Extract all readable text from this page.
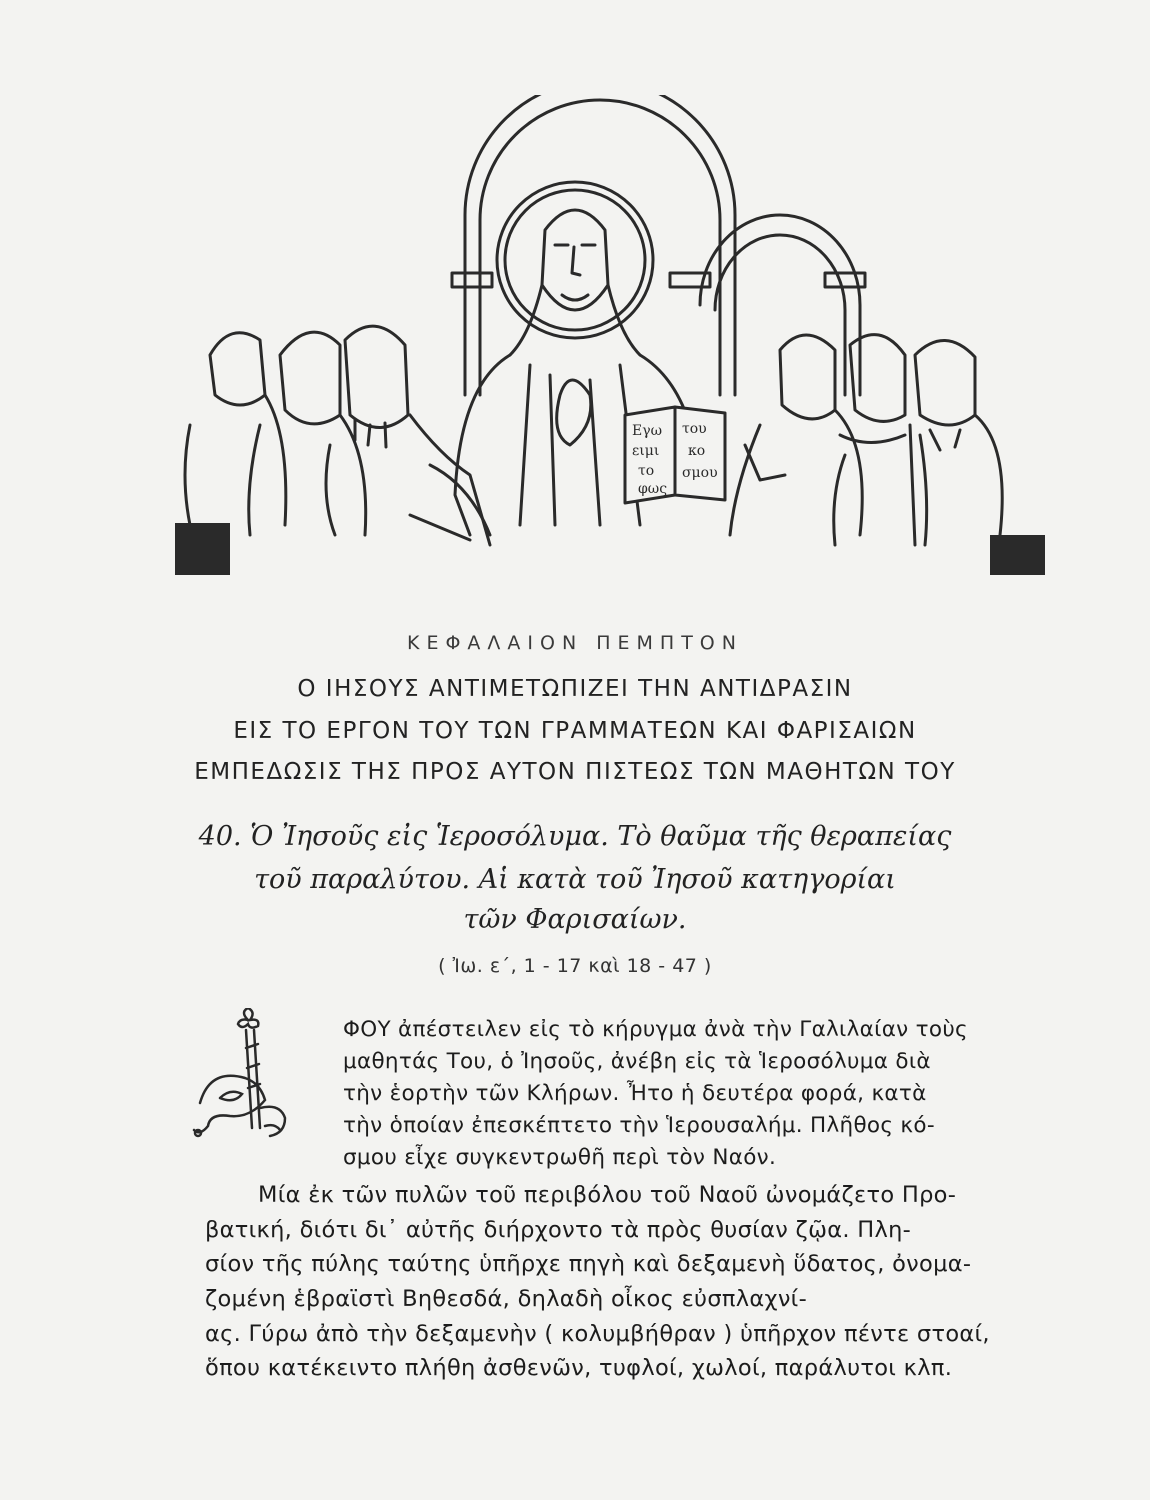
Εγω
ειμι
το
φως
του
κο
σμου
ΚΕΦΑΛΑΙΟΝ ΠΕΜΠΤΟΝ
Ο ΙΗΣΟΥΣ ΑΝΤΙΜΕΤΩΠΙΖΕΙ ΤΗΝ ΑΝΤΙΔΡΑΣΙΝ
ΕΙΣ ΤΟ ΕΡΓΟΝ ΤΟΥ ΤΩΝ ΓΡΑΜΜΑΤΕΩΝ ΚΑΙ ΦΑΡΙΣΑΙΩΝ
ΕΜΠΕΔΩΣΙΣ ΤΗΣ ΠΡΟΣ ΑΥΤΟΝ ΠΙΣΤΕΩΣ ΤΩΝ ΜΑΘΗΤΩΝ ΤΟΥ
40. Ὁ Ἰησοῦς εἰς Ἱεροσόλυμα. Τὸ θαῦμα τῆς θεραπείας
τοῦ παραλύτου. Αἱ κατὰ τοῦ Ἰησοῦ κατηγορίαι
τῶν Φαρισαίων.
( Ἰω. ε΄, 1 - 17 καὶ 18 - 47 )
ΦΟΥ ἀπέστειλεν εἰς τὸ κήρυγμα ἀνὰ τὴν Γαλιλαίαν τοὺς
μαθητάς Του, ὁ Ἰησοῦς, ἀνέβη εἰς τὰ Ἱεροσόλυμα διὰ
τὴν ἑορτὴν τῶν Κλήρων. Ἦτο ἡ δευτέρα φορά, κατὰ
τὴν ὁποίαν ἐπεσκέπτετο τὴν Ἱερουσαλήμ. Πλῆθος κό-
σμου εἶχε συγκεντρωθῆ περὶ τὸν Ναόν.
Μία ἐκ τῶν πυλῶν τοῦ περιβόλου τοῦ Ναοῦ ὠνομάζετο Προ-
βατική, διότι δι᾽ αὐτῆς διήρχοντο τὰ πρὸς θυσίαν ζῷα. Πλη-
σίον τῆς πύλης ταύτης ὑπῆρχε πηγὴ καὶ δεξαμενὴ ὕδατος, ὀνομα-
ζομένη ἑβραϊστὶ Βηθεσδά, δηλαδὴ οἶκος εὐσπλαχνί-
ας. Γύρω ἀπὸ τὴν δεξαμενὴν ( κολυμβήθραν ) ὑπῆρχον πέντε στοαί,
ὅπου κατέκειντο πλήθη ἀσθενῶν, τυφλοί, χωλοί, παράλυτοι κλπ.
